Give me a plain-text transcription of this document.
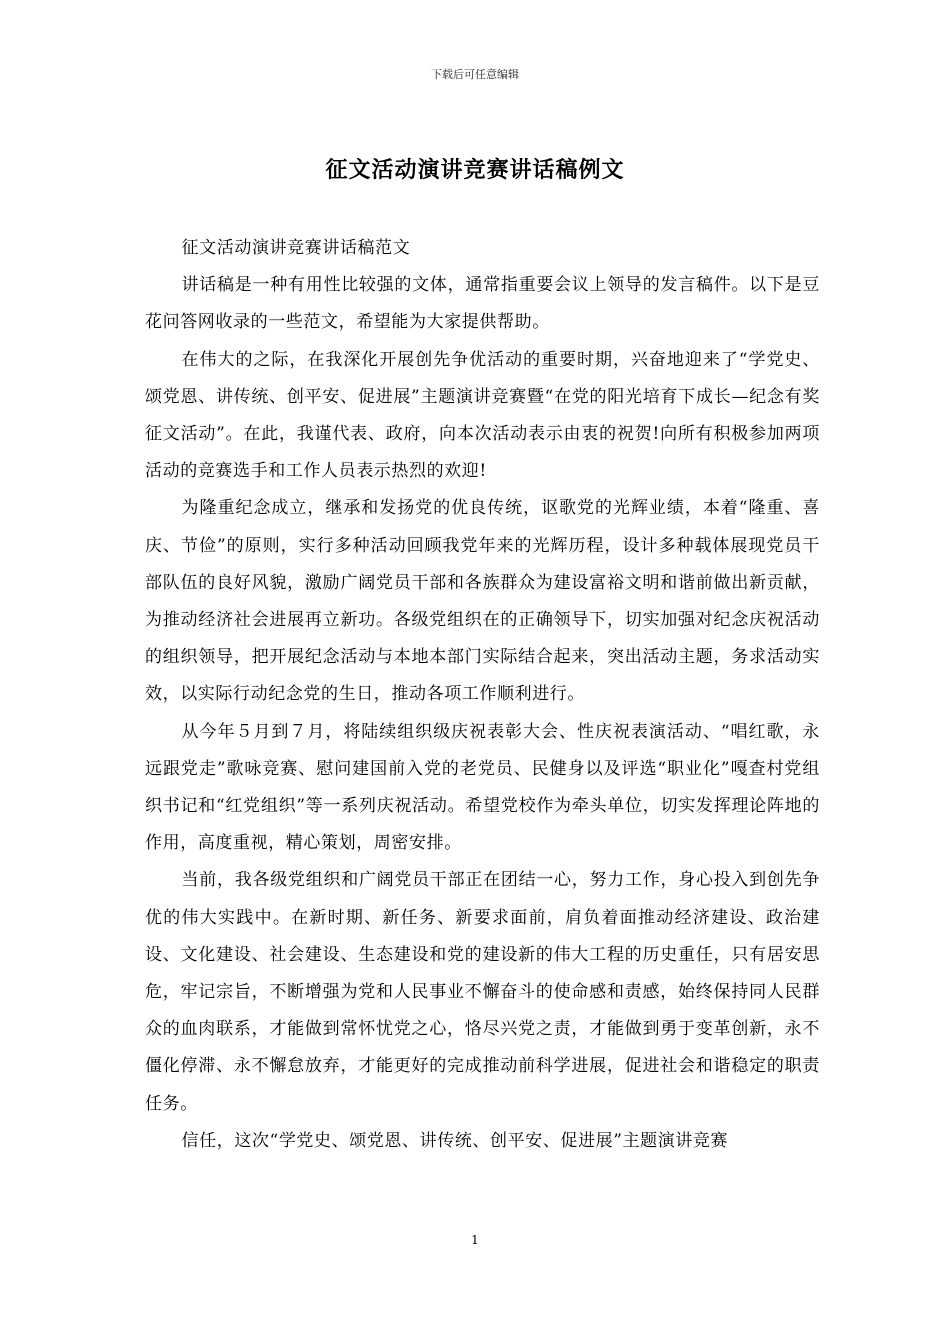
下载后可任意编辑
征文活动演讲竞赛讲话稿例文

征文活动演讲竞赛讲话稿范文

讲话稿是一种有用性比较强的文体，通常指重要会议上领导的发言稿件。以下是豆花问答网收录的一些范文，希望能为大家提供帮助。

在伟大的之际，在我深化开展创先争优活动的重要时期，兴奋地迎来了“学党史、颂党恩、讲传统、创平安、促进展”主题演讲竞赛暨“在党的阳光培育下成长—纪念有奖征文活动”。在此，我谨代表、政府，向本次活动表示由衷的祝贺!向所有积极参加两项活动的竞赛选手和工作人员表示热烈的欢迎!

为隆重纪念成立，继承和发扬党的优良传统，讴歌党的光辉业绩，本着“隆重、喜庆、节俭”的原则，实行多种活动回顾我党年来的光辉历程，设计多种载体展现党员干部队伍的良好风貌，激励广阔党员干部和各族群众为建设富裕文明和谐前做出新贡献，为推动经济社会进展再立新功。各级党组织在的正确领导下，切实加强对纪念庆祝活动的组织领导，把开展纪念活动与本地本部门实际结合起来，突出活动主题，务求活动实效，以实际行动纪念党的生日，推动各项工作顺利进行。

从今年５月到７月，将陆续组织级庆祝表彰大会、性庆祝表演活动、“唱红歌，永远跟党走”歌咏竞赛、慰问建国前入党的老党员、民健身以及评选“职业化”嘎查村党组织书记和“红党组织”等一系列庆祝活动。希望党校作为牵头单位，切实发挥理论阵地的作用，高度重视，精心策划，周密安排。

当前，我各级党组织和广阔党员干部正在团结一心，努力工作，身心投入到创先争优的伟大实践中。在新时期、新任务、新要求面前，肩负着面推动经济建设、政治建设、文化建设、社会建设、生态建设和党的建设新的伟大工程的历史重任，只有居安思危，牢记宗旨，不断增强为党和人民事业不懈奋斗的使命感和责感，始终保持同人民群众的血肉联系，才能做到常怀忧党之心，恪尽兴党之责，才能做到勇于变革创新，永不僵化停滞、永不懈怠放弃，才能更好的完成推动前科学进展，促进社会和谐稳定的职责任务。

信任，这次“学党史、颂党恩、讲传统、创平安、促进展”主题演讲竞赛

1
